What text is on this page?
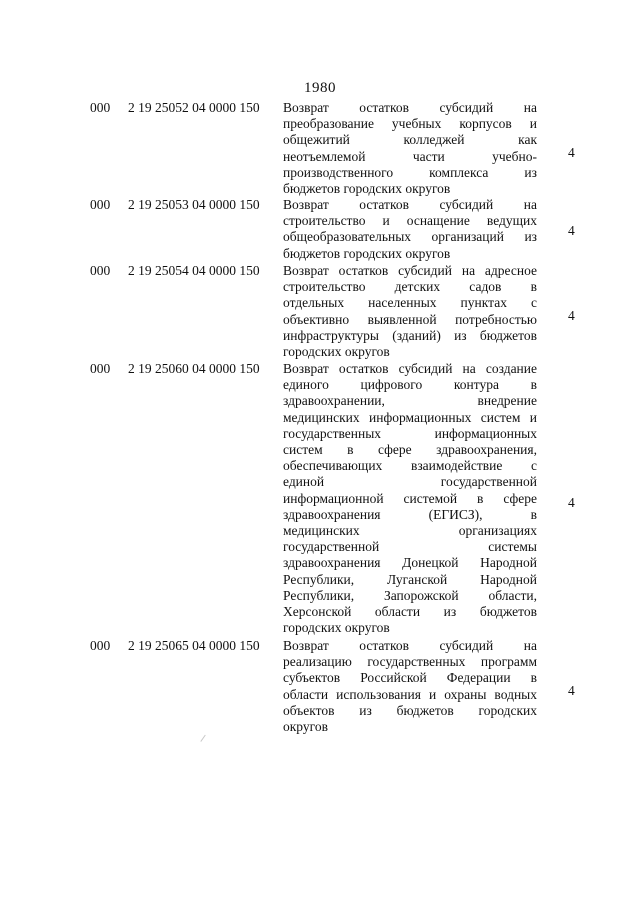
1980
000 2 19 25052 04 0000 150 Возврат остатков субсидий на
преобразование учебных корпусов и
общежитий колледжей как
неотъемлемой части учебно-
производственного комплекса из
бюджетов городских округов
4
000 2 19 25053 04 0000 150 Возврат остатков субсидий на
строительство и оснащение ведущих
общеобразовательных организаций из
бюджетов городских округов
4
000 2 19 25054 04 0000 150 Возврат остатков субсидий на адресное
строительство детских садов в
отдельных населенных пунктах с
объективно выявленной потребностью
инфраструктуры (зданий) из бюджетов
городских округов
4
000 2 19 25060 04 0000 150 Возврат остатков субсидий на создание
единого цифрового контура в
здравоохранении, внедрение
медицинских информационных систем и
государственных информационных
систем в сфере здравоохранения,
обеспечивающих взаимодействие с
единой государственной
информационной системой в сфере
здравоохранения (ЕГИСЗ), в
медицинских организациях
государственной системы
здравоохранения Донецкой Народной
Республики, Луганской Народной
Республики, Запорожской области,
Херсонской области из бюджетов
городских округов
4
000 2 19 25065 04 0000 150 Возврат остатков субсидий на
реализацию государственных программ
субъектов Российской Федерации в
области использования и охраны водных
объектов из бюджетов городских
округов
4
